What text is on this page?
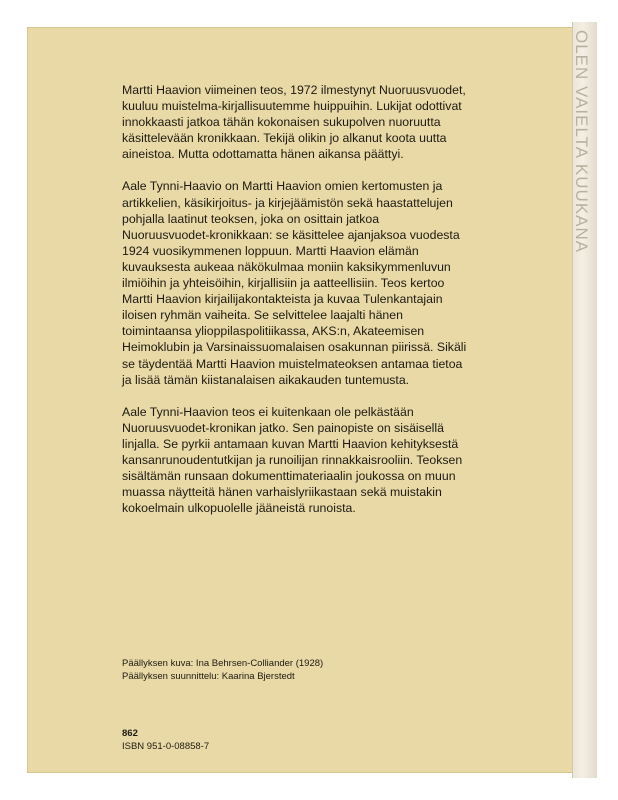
OLEN VAIELTA KUUKANA

Martti Haavion viimeinen teos, 1972 ilmestynyt Nuoruusvuodet, kuuluu muistelma-kirjallisuutemme huippuihin. Lukijat odottivat innokkaasti jatkoa tähän kokonaisen sukupolven nuoruutta käsittelevään kronikkaan. Tekijä olikin jo alkanut koota uutta aineistoa. Mutta odottamatta hänen aikansa päättyi.

Aale Tynni-Haavio on Martti Haavion omien kertomusten ja artikkelien, käsikirjoitus- ja kirjejäämistön sekä haastattelujen pohjalla laatinut teoksen, joka on osittain jatkoa Nuoruusvuodet-kronikkaan: se käsittelee ajanjaksoa vuodesta 1924 vuosikymmenen loppuun. Martti Haavion elämän kuvauksesta aukeaa näkökulmaa moniin kaksikymmenluvun ilmiöihin ja yhteisöihin, kirjallisiin ja aatteellisiin. Teos kertoo Martti Haavion kirjailijakontakteista ja kuvaa Tulenkantajain iloisen ryhmän vaiheita. Se selvittelee laajalti hänen toimintaansa ylioppilaspolitiikassa, AKS:n, Akateemisen Heimoklubin ja Varsinaissuomalaisen osakunnan piirissä. Sikäli se täydentää Martti Haavion muistelmateoksen antamaa tietoa ja lisää tämän kiistanalaisen aikakauden tuntemusta.

Aale Tynni-Haavion teos ei kuitenkaan ole pelkästään Nuoruusvuodet-kronikan jatko. Sen painopiste on sisäisellä linjalla. Se pyrkii antamaan kuvan Martti Haavion kehityksestä kansanrunoudentutkijan ja runoilijan rinnakkaisrooliin. Teoksen sisältämän runsaan dokumenttimateriaalin joukossa on muun muassa näytteitä hänen varhaislyriikastaan sekä muistakin kokoelmain ulkopuolelle jääneistä runoista.

Päällyksen kuva: Ina Behrsen-Colliander (1928)
Päällyksen suunnittelu: Kaarina Bjerstedt
862
ISBN 951-0-08858-7
